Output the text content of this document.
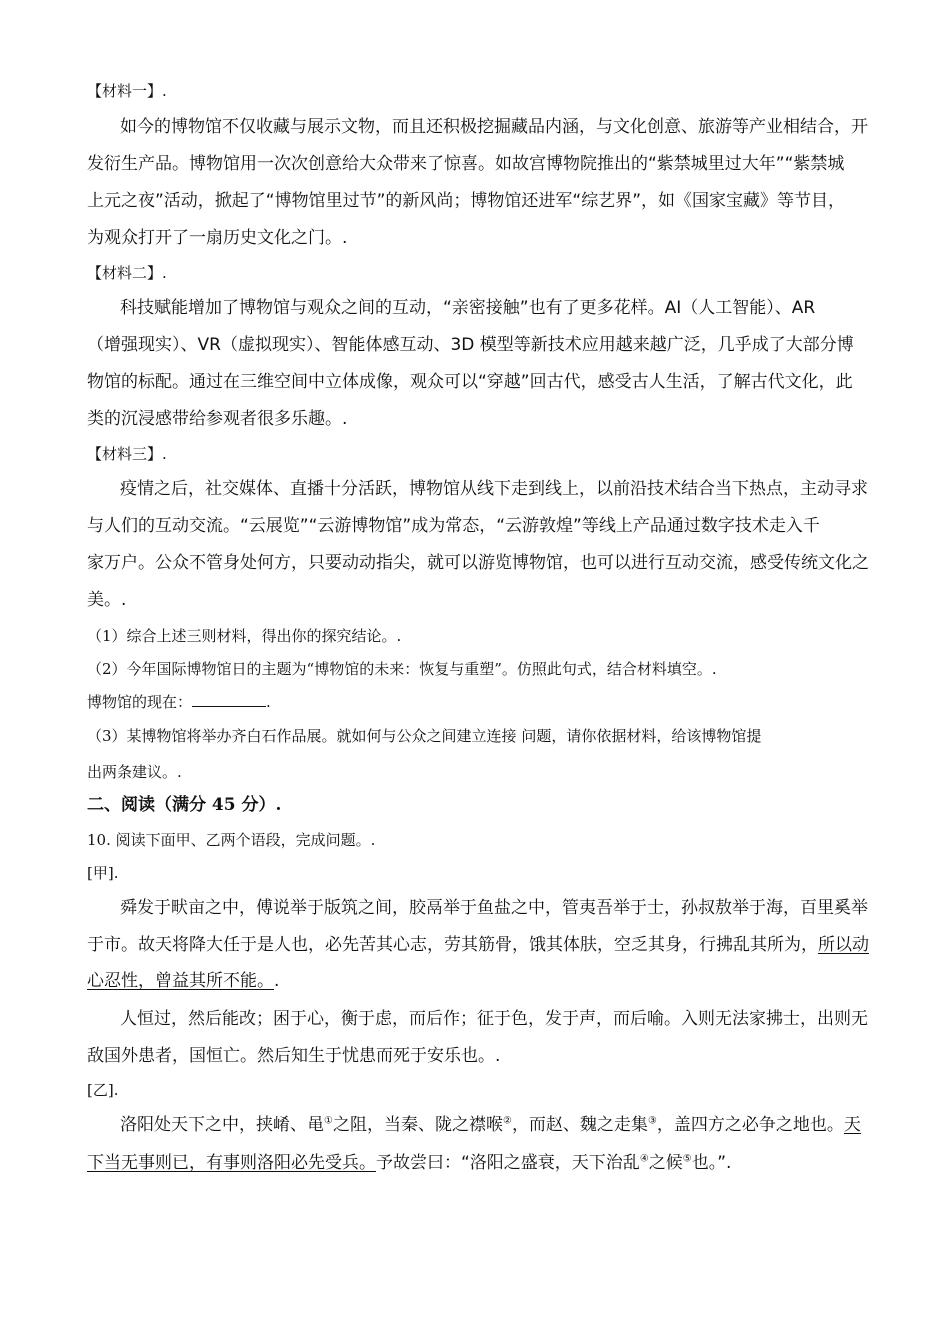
【材料一】.
如今的博物馆不仅收藏与展示文物，而且还积极挖掘藏品内涵，与文化创意、旅游等产业相结合，开
发衍生产品。博物馆用一次次创意给大众带来了惊喜。如故宫博物院推出的“紫禁城里过大年”“紫禁城
上元之夜”活动，掀起了“博物馆里过节”的新风尚；博物馆还进军“综艺界”，如《国家宝藏》等节目，
为观众打开了一扇历史文化之门。.
【材料二】.
科技赋能增加了博物馆与观众之间的互动，“亲密接触”也有了更多花样。AI（人工智能）、AR
（增强现实）、VR（虚拟现实）、智能体感互动、3D 模型等新技术应用越来越广泛，几乎成了大部分博
物馆的标配。通过在三维空间中立体成像，观众可以“穿越”回古代，感受古人生活，了解古代文化，此
类的沉浸感带给参观者很多乐趣。.
【材料三】.
疫情之后，社交媒体、直播十分活跃，博物馆从线下走到线上，以前沿技术结合当下热点，主动寻求
与人们的互动交流。“云展览”“云游博物馆”成为常态，“云游敦煌”等线上产品通过数字技术走入千
家万户。公众不管身处何方，只要动动指尖，就可以游览博物馆，也可以进行互动交流，感受传统文化之
美。.
（1）综合上述三则材料，得出你的探究结论。.
（2）今年国际博物馆日的主题为“博物馆的未来：恢复与重塑”。仿照此句式，结合材料填空。.
博物馆的现在：	.
（3）某博物馆将举办齐白石作品展。就如何与公众之间建立连接 问题，请你依据材料，给该博物馆提
出两条建议。.
二、阅读（满分 45 分）.
10. 阅读下面甲、乙两个语段，完成问题。.
[甲].
舜发于畎亩之中，傅说举于版筑之间，胶鬲举于鱼盐之中，管夷吾举于士，孙叔敖举于海，百里奚举
于市。故天将降大任于是人也，必先苦其心志，劳其筋骨，饿其体肤，空乏其身，行拂乱其所为，所以动
心忍性，曾益其所不能。.
人恒过，然后能改；困于心，衡于虑，而后作；征于色，发于声，而后喻。入则无法家拂士，出则无
敌国外患者，国恒亡。然后知生于忧患而死于安乐也。.
[乙].
洛阳处天下之中，挟崤、黾①之阻，当秦、陇之襟喉②，而赵、魏之走集③，盖四方之必争之地也。天
下当无事则已，有事则洛阳必先受兵。予故尝曰：“洛阳之盛衰，天下治乱④之候⑤也。”.
